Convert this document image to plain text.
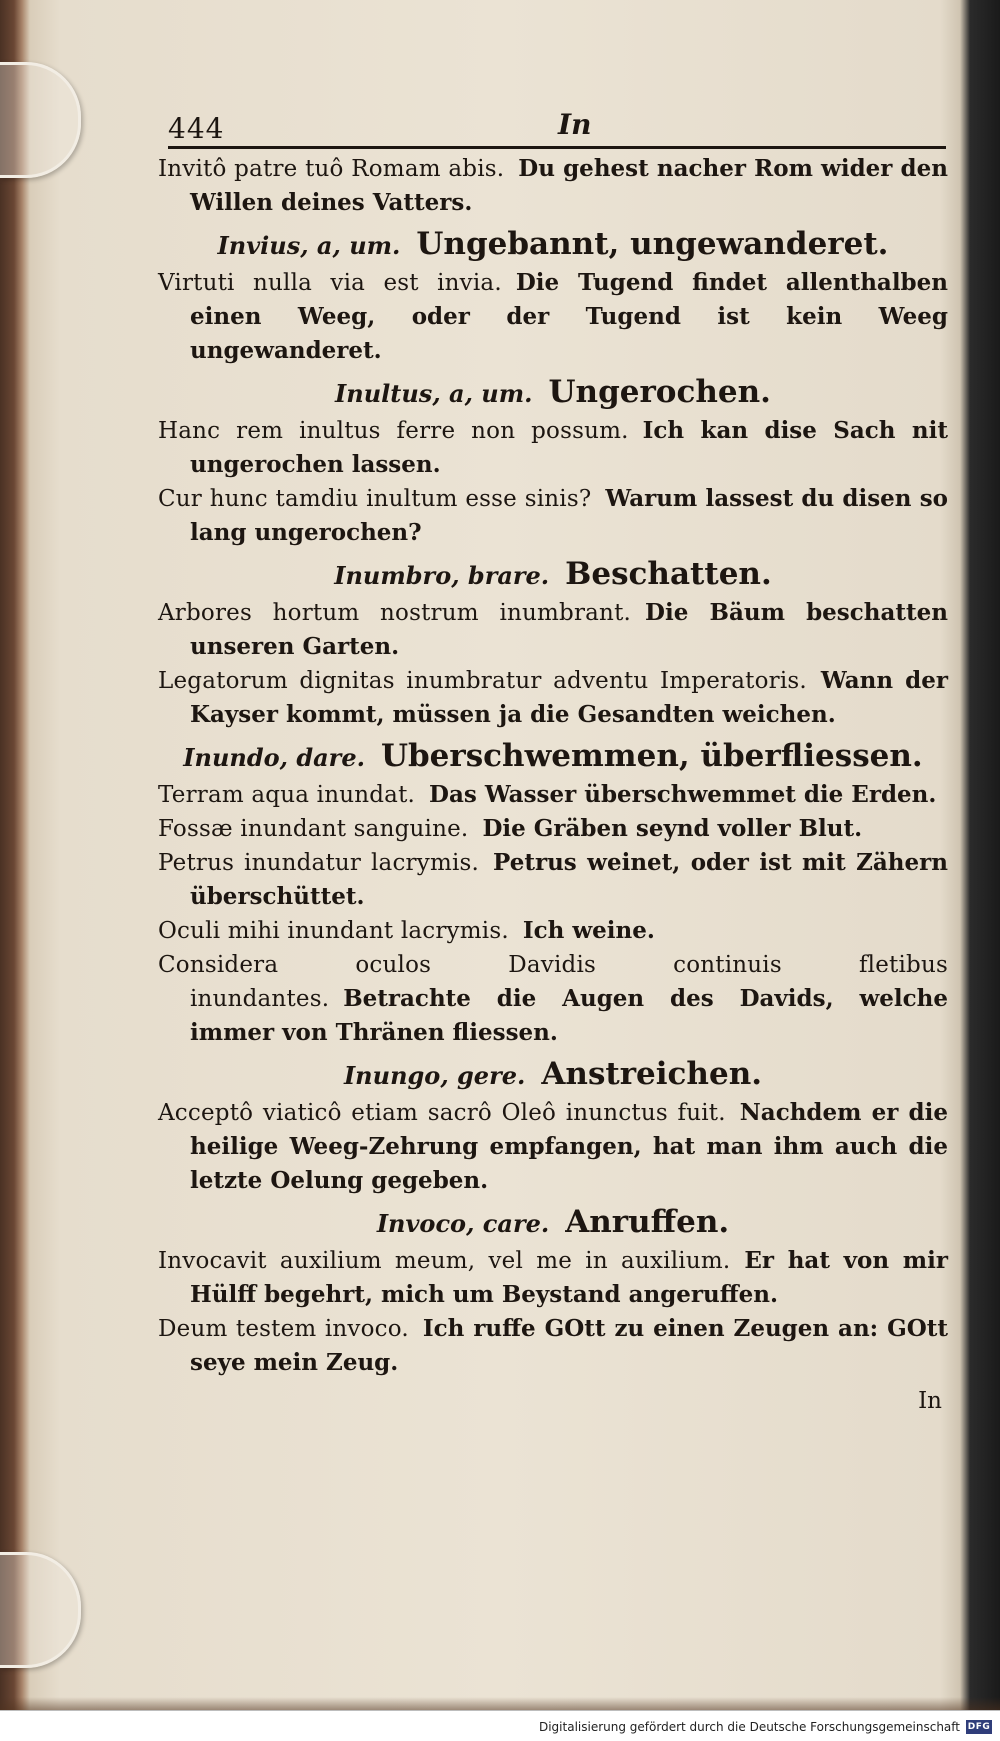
444	In
Invitô patre tuô Romam abis. Du gehest nacher Rom wider den Willen deines Vatters.
Invius, a, um. Ungebannt, ungewanderet.
Virtuti nulla via est invia. Die Tugend findet allenthalben einen Weeg, oder der Tugend ist kein Weeg ungewanderet.
Inultus, a, um. Ungerochen.
Hanc rem inultus ferre non possum. Ich kan dise Sach nit ungerochen lassen.
Cur hunc tamdiu inultum esse sinis? Warum lassest du disen so lang ungerochen?
Inumbro, brare. Beschatten.
Arbores hortum nostrum inumbrant. Die Bäum beschatten unseren Garten.
Legatorum dignitas inumbratur adventu Imperatoris. Wann der Kayser kommt, müssen ja die Gesandten weichen.
Inundo, dare. Uberschwemmen, überfliessen.
Terram aqua inundat. Das Wasser überschwemmet die Erden.
Fossæ inundant sanguine. Die Gräben seynd voller Blut.
Petrus inundatur lacrymis. Petrus weinet, oder ist mit Zähern überschüttet.
Oculi mihi inundant lacrymis. Ich weine.
Considera oculos Davidis continuis fletibus inundantes. Betrachte die Augen des Davids, welche immer von Thränen fliessen.
Inungo, gere. Anstreichen.
Acceptô viaticô etiam sacrô Oleô inunctus fuit. Nachdem er die heilige Weeg-Zehrung empfangen, hat man ihm auch die letzte Oelung gegeben.
Invoco, care. Anruffen.
Invocavit auxilium meum, vel me in auxilium. Er hat von mir Hülff begehrt, mich um Beystand angeruffen.
Deum testem invoco. Ich ruffe GOtt zu einen Zeugen an: GOtt seye mein Zeug.
In
Digitalisierung gefördert durch die Deutsche Forschungsgemeinschaft DFG
